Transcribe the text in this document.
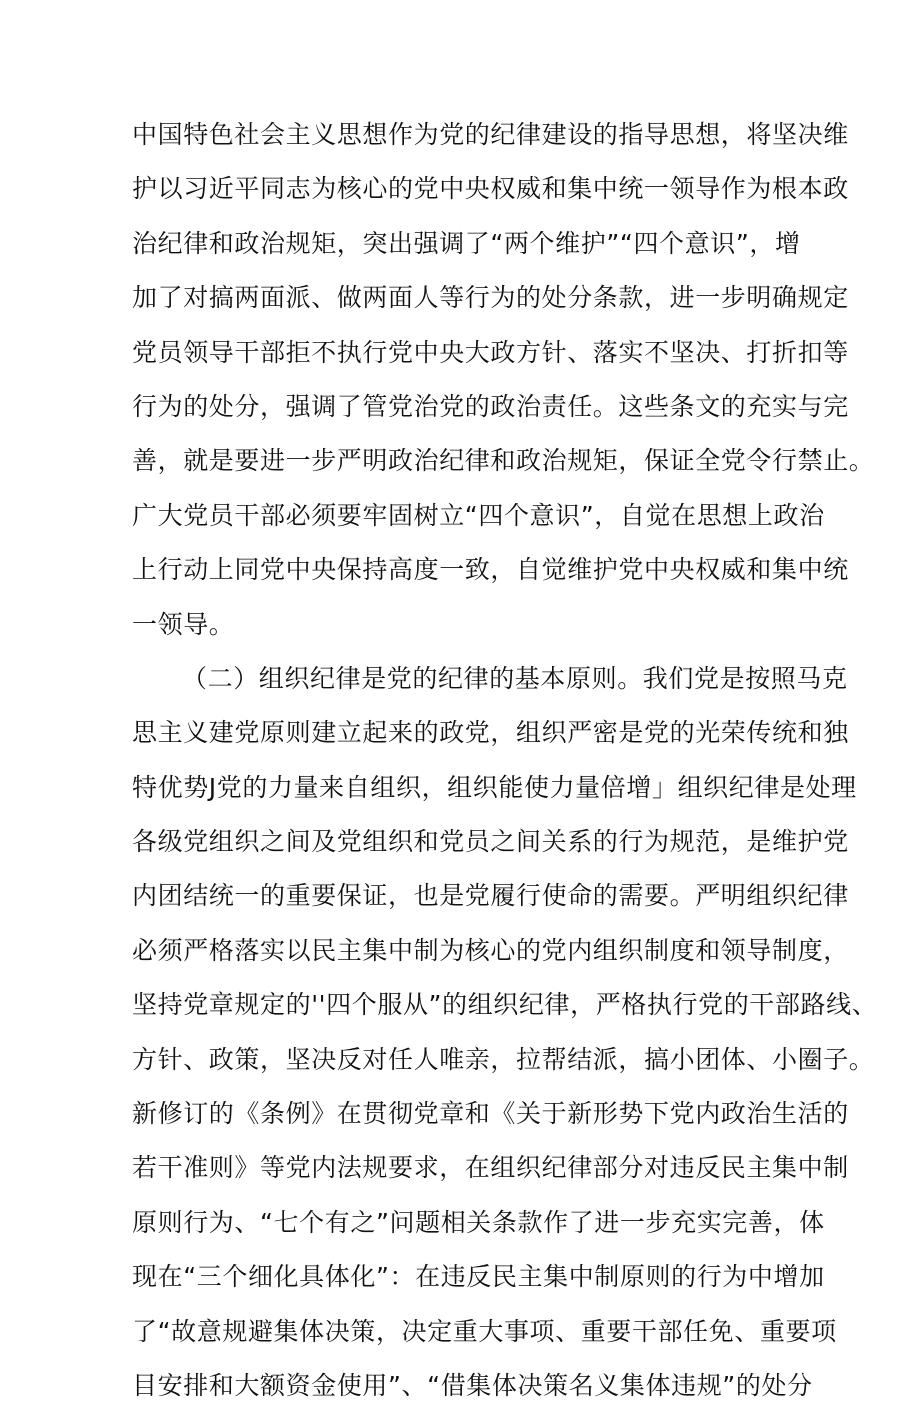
中国特色社会主义思想作为党的纪律建设的指导思想，将坚决维
护以习近平同志为核心的党中央权威和集中统一领导作为根本政
治纪律和政治规矩，突出强调了“两个维护”“四个意识”，增
加了对搞两面派、做两面人等行为的处分条款，进一步明确规定
党员领导干部拒不执行党中央大政方针、落实不坚决、打折扣等
行为的处分，强调了管党治党的政治责任。这些条文的充实与完
善，就是要进一步严明政治纪律和政治规矩，保证全党令行禁止。
广大党员干部必须要牢固树立“四个意识”，自觉在思想上政治
上行动上同党中央保持高度一致，自觉维护党中央权威和集中统
一领导。
（二）组织纪律是党的纪律的基本原则。我们党是按照马克
思主义建党原则建立起来的政党，组织严密是党的光荣传统和独
特优势J党的力量来自组织，组织能使力量倍增」组织纪律是处理
各级党组织之间及党组织和党员之间关系的行为规范，是维护党
内团结统一的重要保证，也是党履行使命的需要。严明组织纪律
必须严格落实以民主集中制为核心的党内组织制度和领导制度，
坚持党章规定的''四个服从”的组织纪律，严格执行党的干部路线、
方针、政策，坚决反对任人唯亲，拉帮结派，搞小团体、小圈子。
新修订的《条例》在贯彻党章和《关于新形势下党内政治生活的
若干准则》等党内法规要求，在组织纪律部分对违反民主集中制
原则行为、“七个有之”问题相关条款作了进一步充实完善，体
现在“三个细化具体化”：在违反民主集中制原则的行为中增加
了“故意规避集体决策，决定重大事项、重要干部任免、重要项
目安排和大额资金使用”、“借集体决策名义集体违规”的处分
